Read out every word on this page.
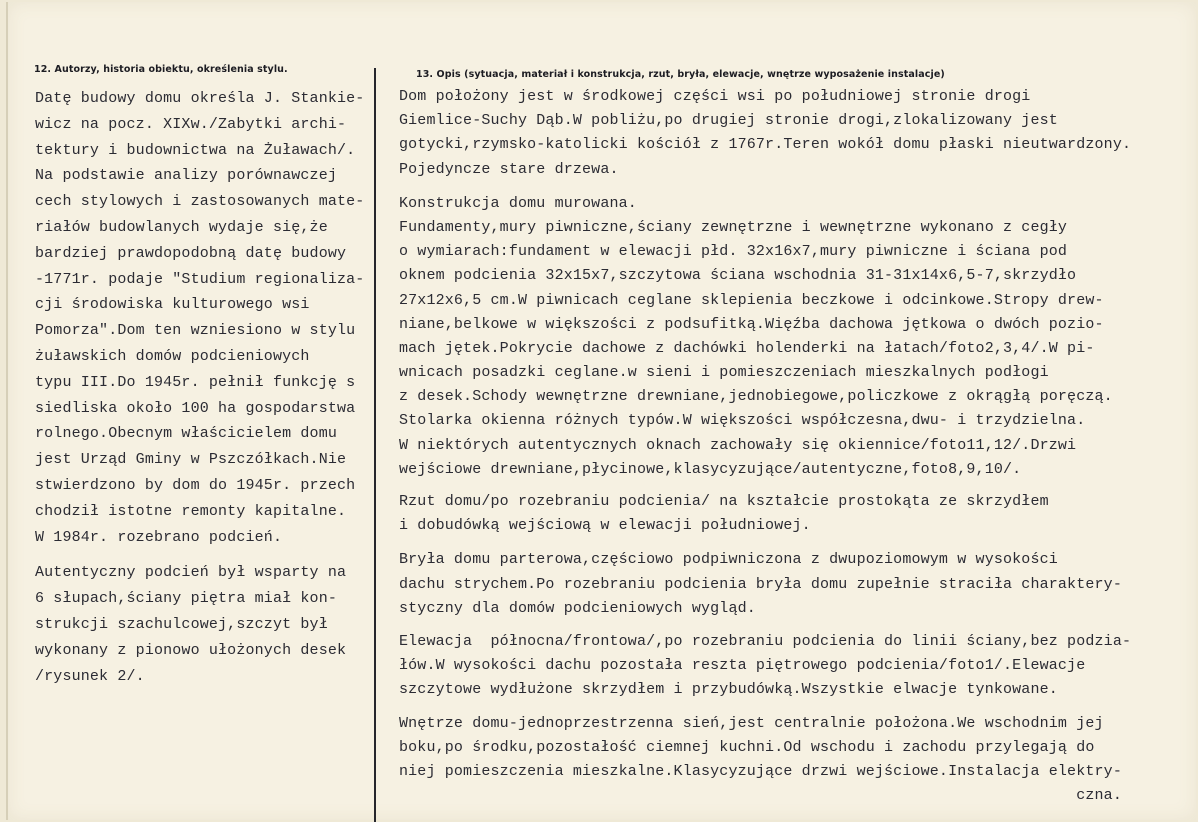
12. Autorzy, historia obiektu, określenia stylu.	13. Opis (sytuacja, materiał i konstrukcja, rzut, bryła, elewacje, wnętrze wyposażenie instalacje)
Datę budowy domu określa J. Stankie-
wicz na pocz. XIXw./Zabytki archi-
tektury i budownictwa na Żuławach/.
Na podstawie analizy porównawczej
cech stylowych i zastosowanych mate-
riałów budowlanych wydaje się,że
bardziej prawdopodobną datę budowy
-1771r. podaje "Studium regionaliza-
cji środowiska kulturowego wsi
Pomorza".Dom ten wzniesiono w stylu
żuławskich domów podcieniowych
typu III.Do 1945r. pełnił funkcję s
siedliska około 100 ha gospodarstwa
rolnego.Obecnym właścicielem domu
jest Urząd Gminy w Pszczółkach.Nie
stwierdzono by dom do 1945r. przech
chodził istotne remonty kapitalne.
W 1984r. rozebrano podcień.
Autentyczny podcień był wsparty na
6 słupach,ściany piętra miał kon-
strukcji szachulcowej,szczyt był
wykonany z pionowo ułożonych desek
/rysunek 2/.
Dom położony jest w środkowej części wsi po południowej stronie drogi
Giemlice-Suchy Dąb.W pobliżu,po drugiej stronie drogi,zlokalizowany jest
gotycki,rzymsko-katolicki kościół z 1767r.Teren wokół domu płaski nieutwardzony.
Pojedyncze stare drzewa.
Konstrukcja domu murowana.
Fundamenty,mury piwniczne,ściany zewnętrzne i wewnętrzne wykonano z cegły
o wymiarach:fundament w elewacji płd. 32x16x7,mury piwniczne i ściana pod
oknem podcienia 32x15x7,szczytowa ściana wschodnia 31-31x14x6,5-7,skrzydło
27x12x6,5 cm.W piwnicach ceglane sklepienia beczkowe i odcinkowe.Stropy drew-
niane,belkowe w większości z podsufitką.Więźba dachowa jętkowa o dwóch pozio-
mach jętek.Pokrycie dachowe z dachówki holenderki na łatach/foto2,3,4/.W pi-
wnicach posadzki ceglane.w sieni i pomieszczeniach mieszkalnych podłogi
z desek.Schody wewnętrzne drewniane,jednobiegowe,policzkowe z okrągłą poręczą.
Stolarka okienna różnych typów.W większości współczesna,dwu- i trzydzielna.
W niektórych autentycznych oknach zachowały się okiennice/foto11,12/.Drzwi
wejściowe drewniane,płycinowe,klasycyzujące/autentyczne,foto8,9,10/.
Rzut domu/po rozebraniu podcienia/ na kształcie prostokąta ze skrzydłem
i dobudówką wejściową w elewacji południowej.
Bryła domu parterowa,częściowo podpiwniczona z dwupoziomowym w wysokości
dachu strychem.Po rozebraniu podcienia bryła domu zupełnie straciła charaktery-
styczny dla domów podcieniowych wygląd.
Elewacja  północna/frontowa/,po rozebraniu podcienia do linii ściany,bez podzia-
łów.W wysokości dachu pozostała reszta piętrowego podcienia/foto1/.Elewacje
szczytowe wydłużone skrzydłem i przybudówką.Wszystkie elwacje tynkowane.
Wnętrze domu-jednoprzestrzenna sień,jest centralnie położona.We wschodnim jej
boku,po środku,pozostałość ciemnej kuchni.Od wschodu i zachodu przylegają do
niej pomieszczenia mieszkalne.Klasycyzujące drzwi wejściowe.Instalacja elektry-
czna.
